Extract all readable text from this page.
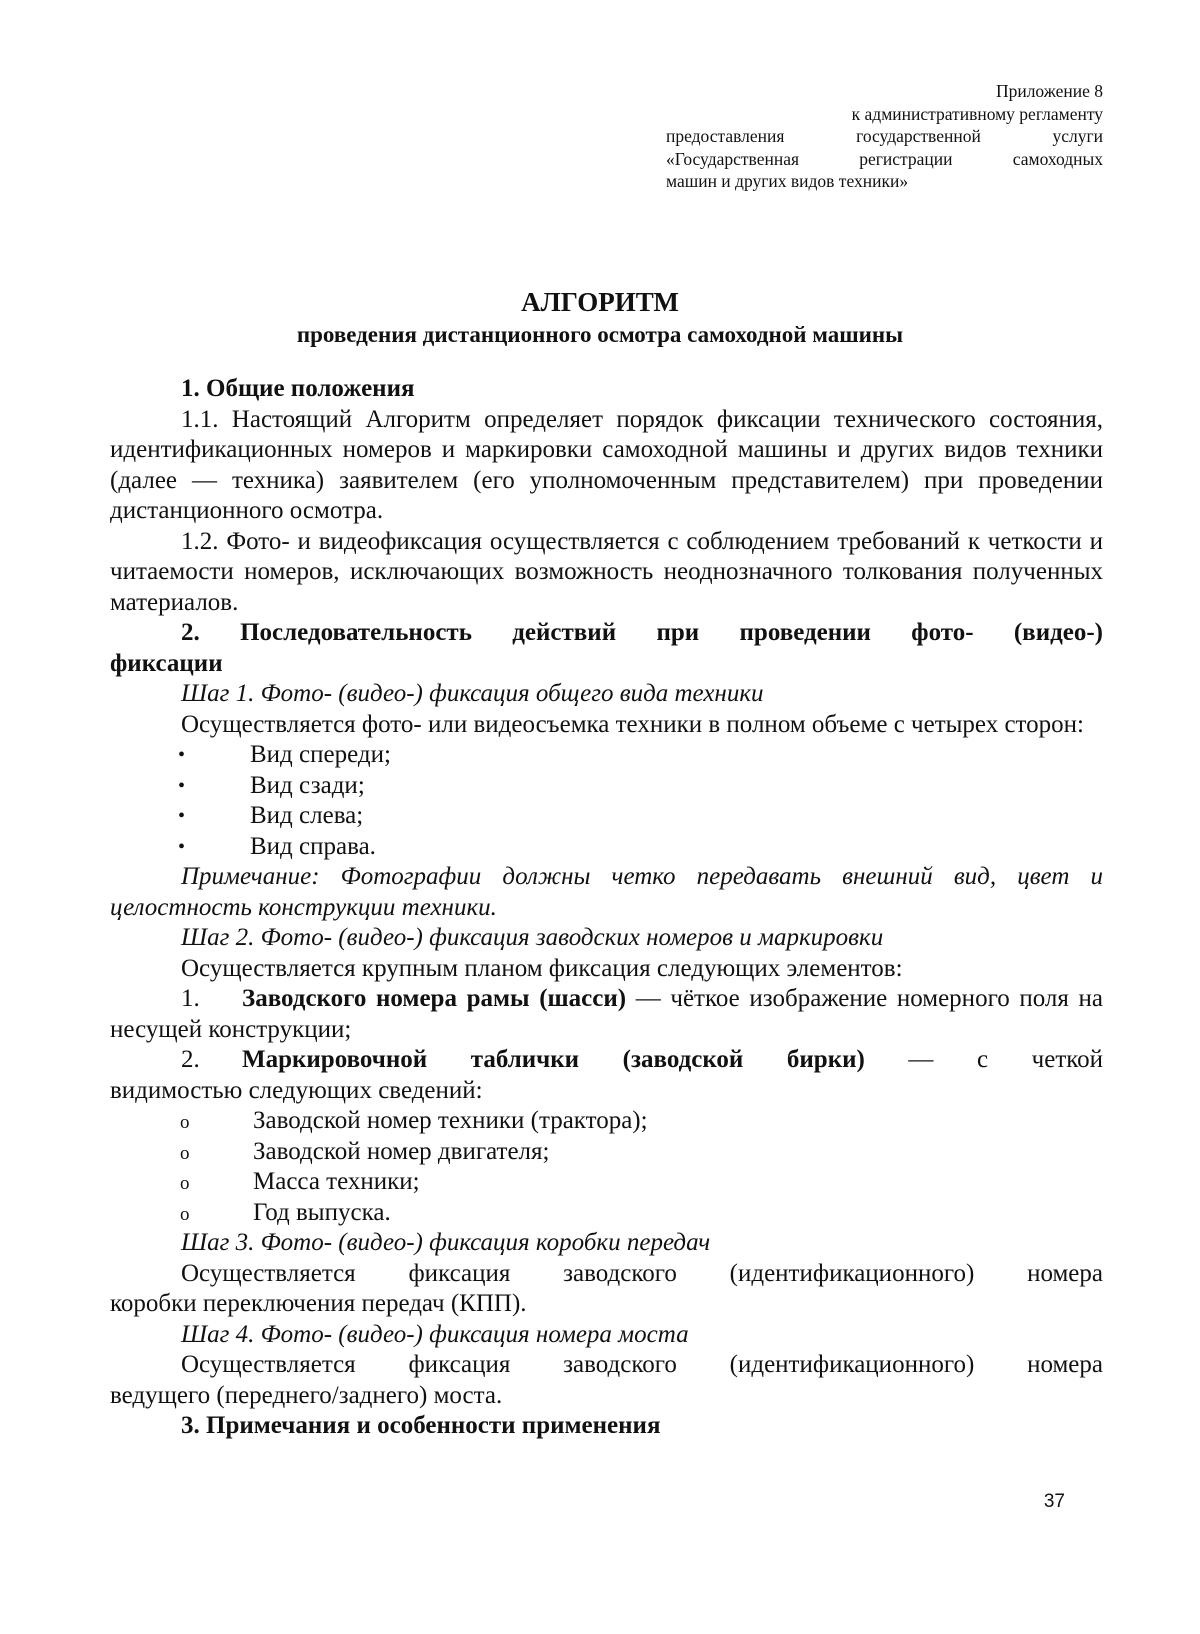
Приложение 8
к административному регламенту
предоставления государственной услуги
«Государственная регистрации самоходных
машин и других видов техники»
АЛГОРИТМ
проведения дистанционного осмотра самоходной машины

1. Общие положения

1.1. Настоящий Алгоритм определяет порядок фиксации технического состояния, идентификационных номеров и маркировки самоходной машины и других видов техники (далее — техника) заявителем (его уполномоченным представителем) при проведении дистанционного осмотра.

1.2. Фото- и видеофиксация осуществляется с соблюдением требований к четкости и читаемости номеров, исключающих возможность неоднозначного толкования полученных материалов.

2. Последовательность действий при проведении фото- (видео-)

фиксации

Шаг 1. Фото- (видео-) фиксация общего вида техники

Осуществляется фото- или видеосъемка техники в полном объеме с четырех сторон:

•	Вид спереди;
•	Вид сзади;
•	Вид слева;
•	Вид справа.

Примечание: Фотографии должны четко передавать внешний вид, цвет и целостность конструкции техники.

Шаг 2. Фото- (видео-) фиксация заводских номеров и маркировки

Осуществляется крупным планом фиксация следующих элементов:

1. Заводского номера рамы (шасси) — чёткое изображение номерного поля на несущей конструкции;

2. Маркировочной таблички (заводской бирки) — с четкой

видимостью следующих сведений:

o	Заводской номер техники (трактора);
o	Заводской номер двигателя;
o	Масса техники;
o	Год выпуска.

Шаг 3. Фото- (видео-) фиксация коробки передач

Осуществляется фиксация заводского (идентификационного) номера

коробки переключения передач (КПП).

Шаг 4. Фото- (видео-) фиксация номера моста

Осуществляется фиксация заводского (идентификационного) номера

ведущего (переднего/заднего) моста.

3. Примечания и особенности применения

37
